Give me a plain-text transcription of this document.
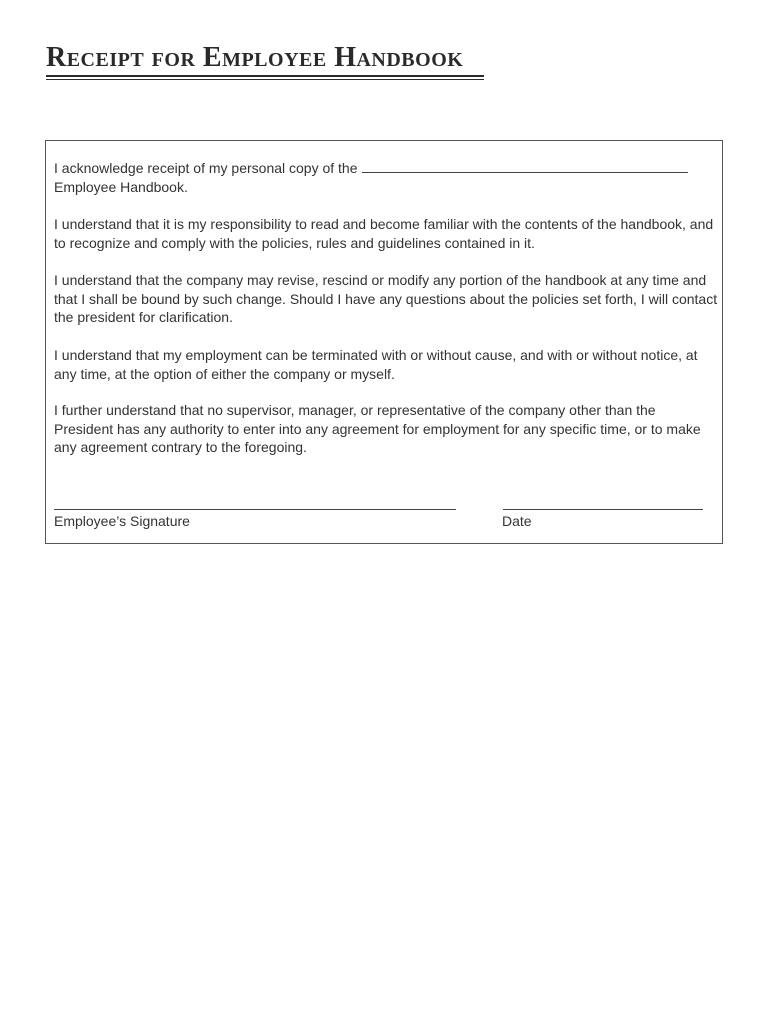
Receipt for Employee Handbook
I acknowledge receipt of my personal copy of the
Employee Handbook.
I understand that it is my responsibility to read and become familiar with the contents of the handbook, and to recognize and comply with the policies, rules and guidelines contained in it.
I understand that the company may revise, rescind or modify any portion of the handbook at any time and that I shall be bound by such change. Should I have any questions about the policies set forth, I will contact the president for clarification.
I understand that my employment can be terminated with or without cause, and with or without notice, at any time, at the option of either the company or myself.
I further understand that no supervisor, manager, or representative of the company other than the President has any authority to enter into any agreement for employment for any specific time, or to make any agreement contrary to the foregoing.
Employee’s Signature	Date
